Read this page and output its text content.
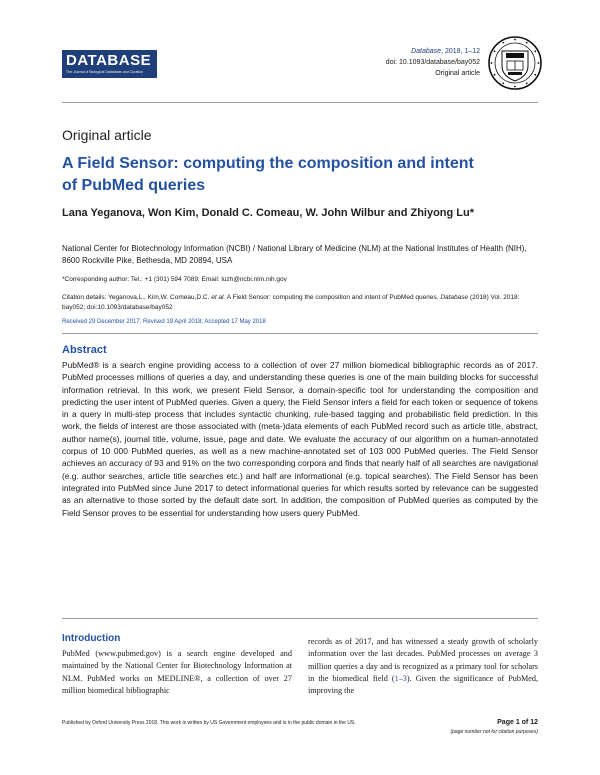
DATABASE
The Journal of Biological Databases and Curation
Database, 2018, 1–12
doi: 10.1093/database/bay052
Original article
Original article
A Field Sensor: computing the composition and intent of PubMed queries
Lana Yeganova, Won Kim, Donald C. Comeau, W. John Wilbur and Zhiyong Lu*
National Center for Biotechnology Information (NCBI) / National Library of Medicine (NLM) at the National Institutes of Health (NIH), 8600 Rockville Pike, Bethesda, MD 20894, USA
*Corresponding author: Tel.: +1 (301) 594 7089; Email: luzh@ncbi.nlm.nih.gov
Citation details: Yeganova,L., Kim,W. Comeau,D.C. et al. A Field Sensor: computing the composition and intent of PubMed queries. Database (2018) Vol. 2018: bay052; doi:10.1093/database/bay052
Received 29 December 2017; Revised 19 April 2018; Accepted 17 May 2018
Abstract

PubMed® is a search engine providing access to a collection of over 27 million biomedical bibliographic records as of 2017. PubMed processes millions of queries a day, and understanding these queries is one of the main building blocks for successful information retrieval. In this work, we present Field Sensor, a domain-specific tool for understanding the composition and predicting the user intent of PubMed queries. Given a query, the Field Sensor infers a field for each token or sequence of tokens in a query in multi-step process that includes syntactic chunking, rule-based tagging and probabilistic field prediction. In this work, the fields of interest are those associated with (meta-)data elements of each PubMed record such as article title, abstract, author name(s), journal title, volume, issue, page and date. We evaluate the accuracy of our algorithm on a human-annotated corpus of 10 000 PubMed queries, as well as a new machine-annotated set of 103 000 PubMed queries. The Field Sensor achieves an accuracy of 93 and 91% on the two corresponding corpora and finds that nearly half of all searches are navigational (e.g. author searches, article title searches etc.) and half are informational (e.g. topical searches). The Field Sensor has been integrated into PubMed since June 2017 to detect informational queries for which results sorted by relevance can be suggested as an alternative to those sorted by the default date sort. In addition, the composition of PubMed queries as computed by the Field Sensor proves to be essential for understanding how users query PubMed.

Introduction

PubMed (www.pubmed.gov) is a search engine developed and maintained by the National Center for Biotechnology Information at NLM. PubMed works on MEDLINE®, a collection of over 27 million biomedical bibliographic

records as of 2017, and has witnessed a steady growth of scholarly information over the last decades. PubMed processes on average 3 million queries a day and is recognized as a primary tool for scholars in the biomedical field (1–3). Given the significance of PubMed, improving the

Published by Oxford University Press 2018. This work is written by US Government employees and is in the public domain in the US.	Page 1 of 12
(page number not for citation purposes)
